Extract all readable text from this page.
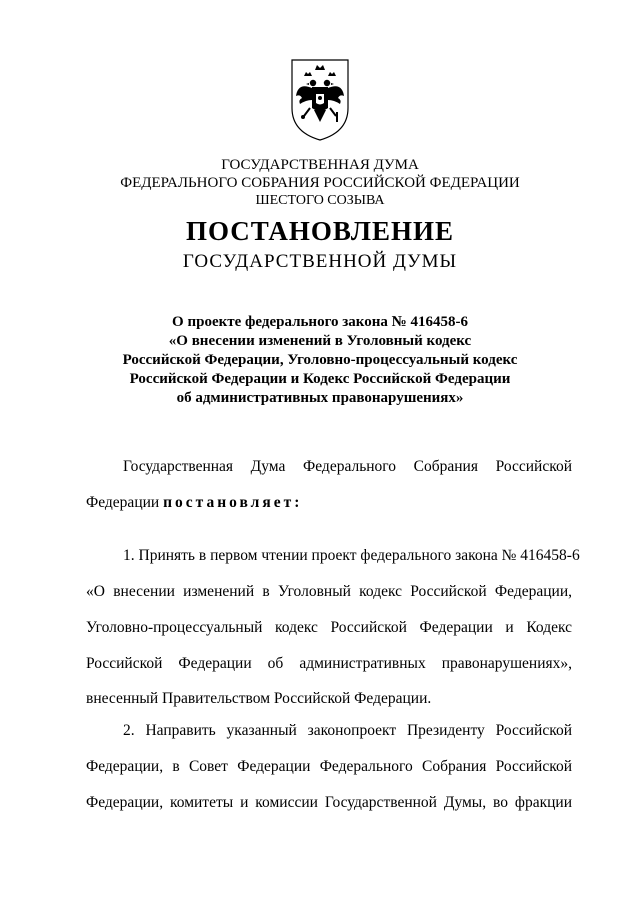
ГОСУДАРСТВЕННАЯ ДУМА
ФЕДЕРАЛЬНОГО СОБРАНИЯ РОССИЙСКОЙ ФЕДЕРАЦИИ
ШЕСТОГО СОЗЫВА
ПОСТАНОВЛЕНИЕ
ГОСУДАРСТВЕННОЙ ДУМЫ
О проекте федерального закона № 416458-6
«О внесении изменений в Уголовный кодекс
Российской Федерации, Уголовно-процессуальный кодекс
Российской Федерации и Кодекс Российской Федерации
об административных правонарушениях»
Государственная Дума Федерального Собрания Российской
Федерации постановляет:
1. Принять в первом чтении проект федерального закона № 416458-6
«О внесении изменений в Уголовный кодекс Российской Федерации,
Уголовно-процессуальный кодекс Российской Федерации и Кодекс
Российской Федерации об административных правонарушениях»,
внесенный Правительством Российской Федерации.
2. Направить указанный законопроект Президенту Российской
Федерации, в Совет Федерации Федерального Собрания Российской
Федерации, комитеты и комиссии Государственной Думы, во фракции
